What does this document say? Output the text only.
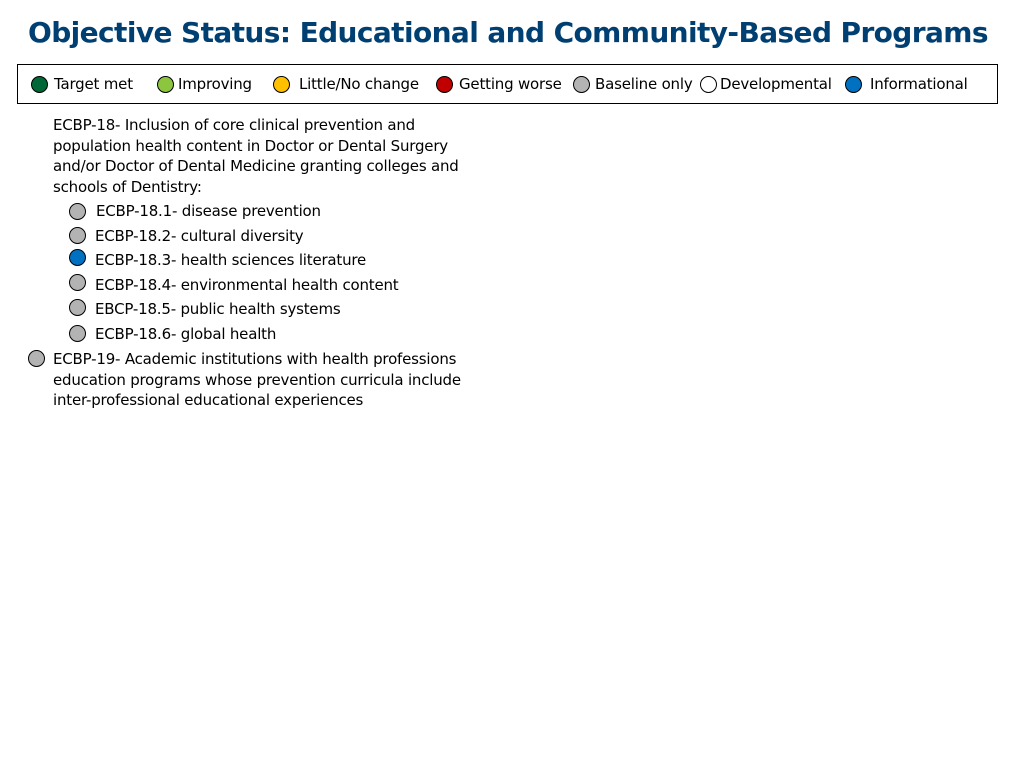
Objective Status: Educational and Community-Based Programs
Target met	Improving	Little/No change	Getting worse Baseline only Developmental	Informational
ECBP-18- Inclusion of core clinical prevention and population health content in Doctor or Dental Surgery and/or Doctor of Dental Medicine granting colleges and schools of Dentistry:
ECBP-18.1- disease prevention
ECBP-18.2- cultural diversity
ECBP-18.3- health sciences literature
ECBP-18.4- environmental health content
EBCP-18.5- public health systems
ECBP-18.6- global health
ECBP-19- Academic institutions with health professions education programs whose prevention curricula include inter-professional educational experiences
